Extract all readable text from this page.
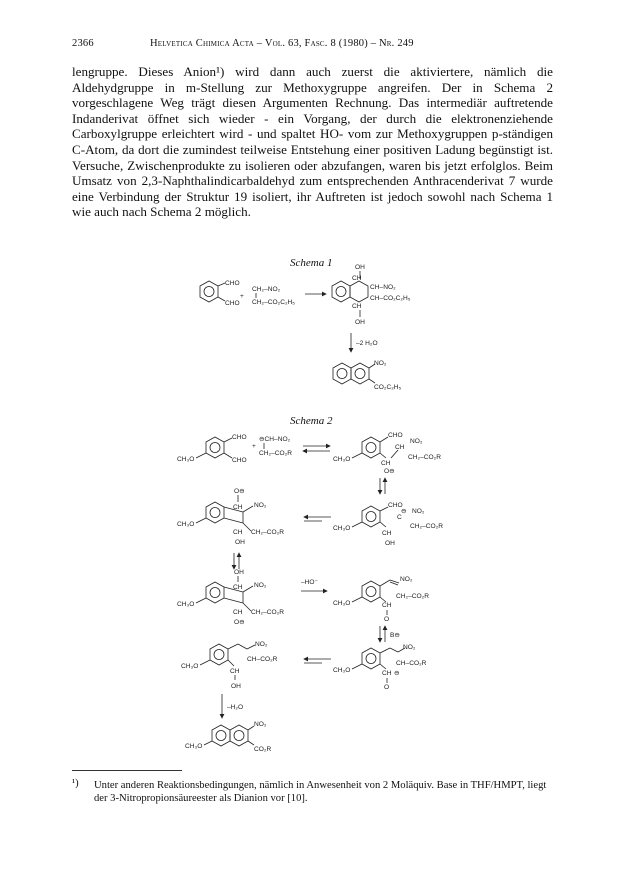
2366	Helvetica Chimica Acta – Vol. 63, Fasc. 8 (1980) – Nr. 249

lengruppe. Dieses Anion¹) wird dann auch zuerst die aktiviertere, nämlich die Aldehydgruppe in m-Stellung zur Methoxygruppe angreifen. Der in Schema 2 vorgeschlagene Weg trägt diesen Argumenten Rechnung. Das intermediär auftretende Indanderivat öffnet sich wieder - ein Vorgang, der durch die elektronenziehende Carboxylgruppe erleichtert wird - und spaltet HO- vom zur Methoxygruppen p-ständigen C-Atom, da dort die zumindest teilweise Entstehung einer positiven Ladung begünstigt ist. Versuche, Zwischenprodukte zu isolieren oder abzufangen, waren bis jetzt erfolglos. Beim Umsatz von 2,3-Naphthalindicarbaldehyd zum entsprechenden Anthracenderivat 7 wurde eine Verbindung der Struktur 19 isoliert, ihr Auftreten ist jedoch sowohl nach Schema 1 wie auch nach Schema 2 möglich.

Schema 1
Schema 2
CHO
CHO
+
CH₂–NO₂
CH₂–CO₂C₂H₅
OH
CH
CH–NO₂
CH–CO₂C₂H₅
CH
OH
–2 H₂O
NO₂
CO₂C₂H₅
CH₃O
CHO
CHO
+
⊖CH–NO₂
CH₂–CO₂R
CH₃O
CHO
CH
CH
NO₂
CH₂–CO₂R
O⊖
O⊖
CH
CH₃O
NO₂
CH₂–CO₂R
CH
OH
CH₃O
CHO
CH
C
⊖ NO₂
CH₂–CO₂R
OH
OH
CH
CH₃O
NO₂
CH₂–CO₂R
CH
O⊖
–HO⁻
CH₃O
NO₂
CH₂–CO₂R
CH
O
B⊖
CH₃O
NO₂
CH–CO₂R
CH
OH
CH₃O
NO₂
CH–CO₂R
CH ⊖
O
–H₂O
CH₃O
NO₂
CO₂R
¹) Unter anderen Reaktionsbedingungen, nämlich in Anwesenheit von 2 Moläquiv. Base in THF/HMPT, liegt der 3-Nitropropionsäureester als Dianion vor [10].
